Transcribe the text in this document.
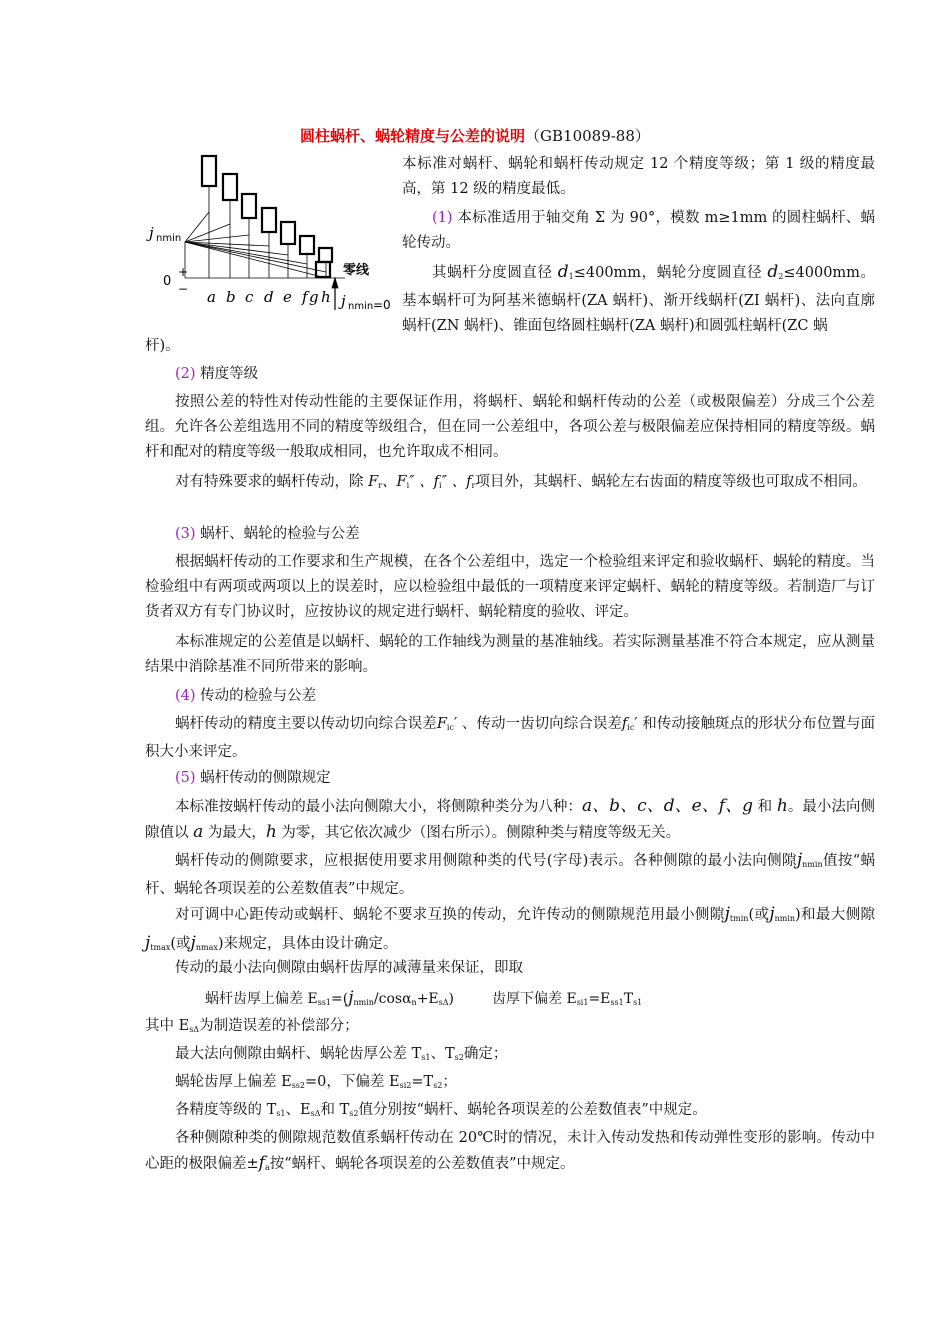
圆柱蜗杆、蜗轮精度与公差的说明（GB10089-88）
j nmin
0
+
−
零线
a b c d e f g h j nmin =0

本标准对蜗杆、蜗轮和蜗杆传动规定 12 个精度等级；第 1 级的精度最高，第 12 级的精度最低。

(1) 本标准适用于轴交角 Σ 为 90°，模数 m≥1mm 的圆柱蜗杆、蜗轮传动。

其蜗杆分度圆直径 $d_1\le 400mm$，蜗轮分度圆直径 $d_2\le 4000mm$。基本蜗杆可为阿基米德蜗杆(ZA 蜗杆)、渐开线蜗杆(ZI 蜗杆)、法向直廓蜗杆(ZN 蜗杆)、锥面包络圆柱蜗杆(ZA 蜗杆)和圆弧柱蜗杆(ZC 蜗

杆)。

(2) 精度等级

按照公差的特性对传动性能的主要保证作用，将蜗杆、蜗轮和蜗杆传动的公差（或极限偏差）分成三个公差组。允许各公差组选用不同的精度等级组合，但在同一公差组中，各项公差与极限偏差应保持相同的精度等级。蜗杆和配对的精度等级一般取成相同，也允许取成不相同。

对有特殊要求的蜗杆传动，除 $F_r$、$F_i''$ 、$f_i''$ 、$f_r$项目外，其蜗杆、蜗轮左右齿面的精度等级也可取成不相同。

(3) 蜗杆、蜗轮的检验与公差

根据蜗杆传动的工作要求和生产规模，在各个公差组中，选定一个检验组来评定和验收蜗杆、蜗轮的精度。当检验组中有两项或两项以上的误差时，应以检验组中最低的一项精度来评定蜗杆、蜗轮的精度等级。若制造厂与订货者双方有专门协议时，应按协议的规定进行蜗杆、蜗轮精度的验收、评定。

本标准规定的公差值是以蜗杆、蜗轮的工作轴线为测量的基准轴线。若实际测量基准不符合本规定，应从测量结果中消除基准不同所带来的影响。

(4) 传动的检验与公差

蜗杆传动的精度主要以传动切向综合误差$F_{ic}'$ 、传动一齿切向综合误差$f_{ic}'$ 和传动接触斑点的形状分布位置与面积大小来评定。

(5) 蜗杆传动的侧隙规定

本标准按蜗杆传动的最小法向侧隙大小，将侧隙种类分为八种：a、b、c、d、e、f、g 和 h。最小法向侧隙值以 a 为最大，h 为零，其它依次减少（图右所示）。侧隙种类与精度等级无关。

蜗杆传动的侧隙要求，应根据使用要求用侧隙种类的代号(字母)表示。各种侧隙的最小法向侧隙$j_{nmin}$值按“蜗杆、蜗轮各项误差的公差数值表”中规定。

对可调中心距传动或蜗杆、蜗轮不要求互换的传动，允许传动的侧隙规范用最小侧隙$j_{tmin}$(或$j_{nmin}$)和最大侧隙$j_{tmax}$(或$j_{nmax}$)来规定，具体由设计确定。

传动的最小法向侧隙由蜗杆齿厚的减薄量来保证，即取

蜗杆齿厚上偏差 $E_{ss1}=(j_{nmin}/\cos\alpha_n+E_{s\Delta})$	齿厚下偏差 $E_{si1}=E_{ss1}T_{s1}$

其中 $E_{s\Delta}$为制造误差的补偿部分；

最大法向侧隙由蜗杆、蜗轮齿厚公差 $T_{s1}$、$T_{s2}$确定；

蜗轮齿厚上偏差 $E_{ss2}=0$，下偏差 $E_{si2}=T_{s2}$；

各精度等级的 $T_{s1}$、$E_{s\Delta}$和 $T_{s2}$值分别按“蜗杆、蜗轮各项误差的公差数值表”中规定。

各种侧隙种类的侧隙规范数值系蜗杆传动在 20℃时的情况，未计入传动发热和传动弹性变形的影响。传动中心距的极限偏差$\pm f_a$按“蜗杆、蜗轮各项误差的公差数值表”中规定。
